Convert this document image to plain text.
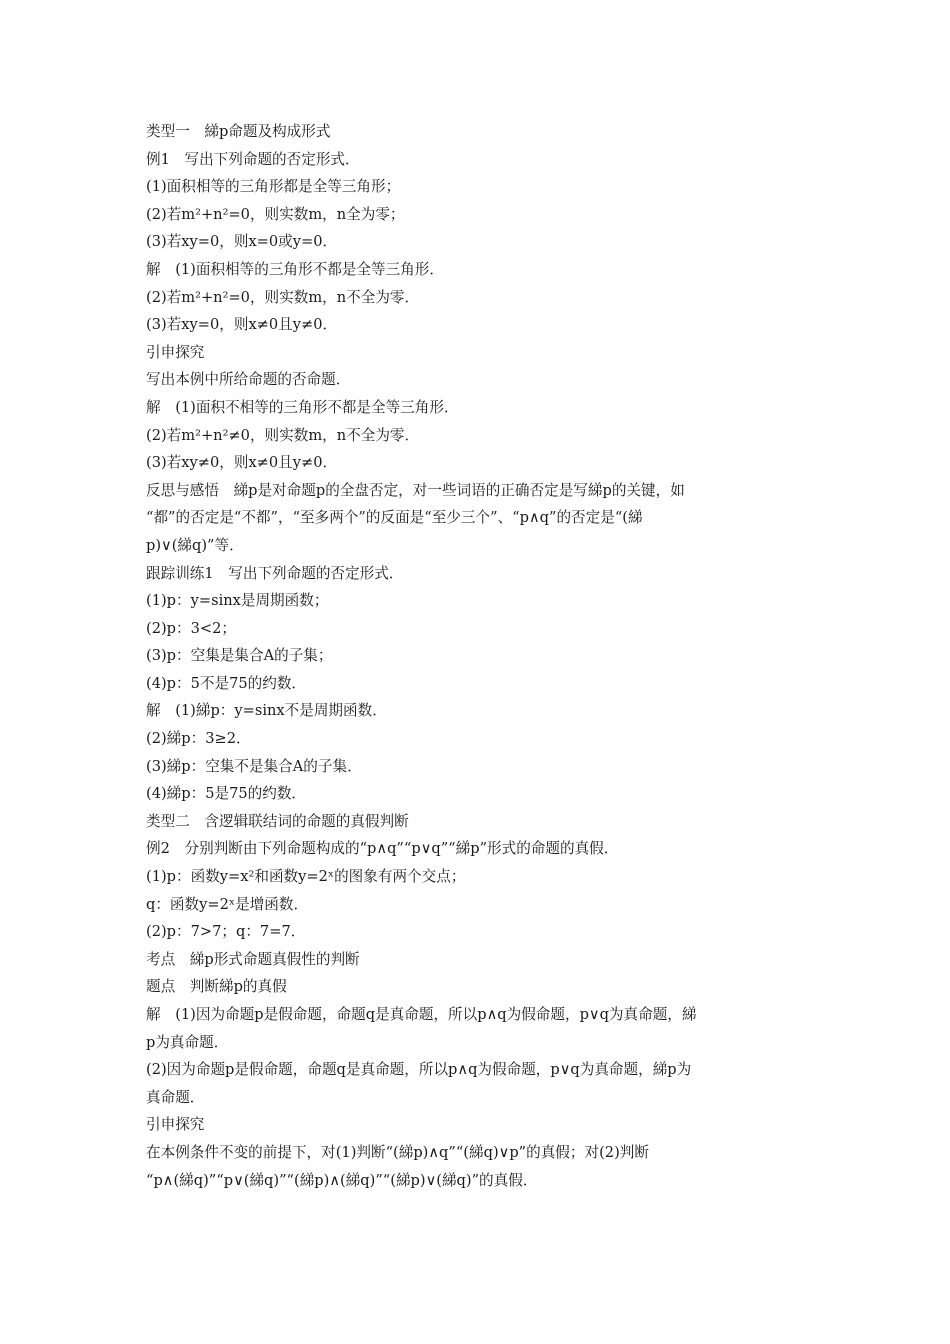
类型一　綈p命题及构成形式
例1　写出下列命题的否定形式．
(1)面积相等的三角形都是全等三角形；
(2)若m²+n²=0，则实数m，n全为零；
(3)若xy=0，则x=0或y=0．
解　(1)面积相等的三角形不都是全等三角形．
(2)若m²+n²=0，则实数m，n不全为零．
(3)若xy=0，则x≠0且y≠0．
引申探究
写出本例中所给命题的否命题．
解　(1)面积不相等的三角形不都是全等三角形．
(2)若m²+n²≠0，则实数m，n不全为零．
(3)若xy≠0，则x≠0且y≠0．
反思与感悟　綈p是对命题p的全盘否定，对一些词语的正确否定是写綈p的关键，如
“都”的否定是“不都”，“至多两个”的反面是“至少三个”、“p∧q”的否定是“(綈
p)∨(綈q)”等．
跟踪训练1　写出下列命题的否定形式．
(1)p：y=sinx是周期函数；
(2)p：3<2；
(3)p：空集是集合A的子集；
(4)p：5不是75的约数．
解　(1)綈p：y=sinx不是周期函数．
(2)綈p：3≥2．
(3)綈p：空集不是集合A的子集．
(4)綈p：5是75的约数．
类型二　含逻辑联结词的命题的真假判断
例2　分别判断由下列命题构成的“p∧q”“p∨q”“綈p”形式的命题的真假．
(1)p：函数y=x²和函数y=2ˣ的图象有两个交点；
q：函数y=2ˣ是增函数．
(2)p：7>7；q：7=7．
考点　綈p形式命题真假性的判断
题点　判断綈p的真假
解　(1)因为命题p是假命题，命题q是真命题，所以p∧q为假命题，p∨q为真命题，綈
p为真命题．
(2)因为命题p是假命题，命题q是真命题，所以p∧q为假命题，p∨q为真命题，綈p为
真命题．
引申探究
在本例条件不变的前提下，对(1)判断“(綈p)∧q”“(綈q)∨p”的真假；对(2)判断
“p∧(綈q)”“p∨(綈q)”“(綈p)∧(綈q)”“(綈p)∨(綈q)”的真假．
